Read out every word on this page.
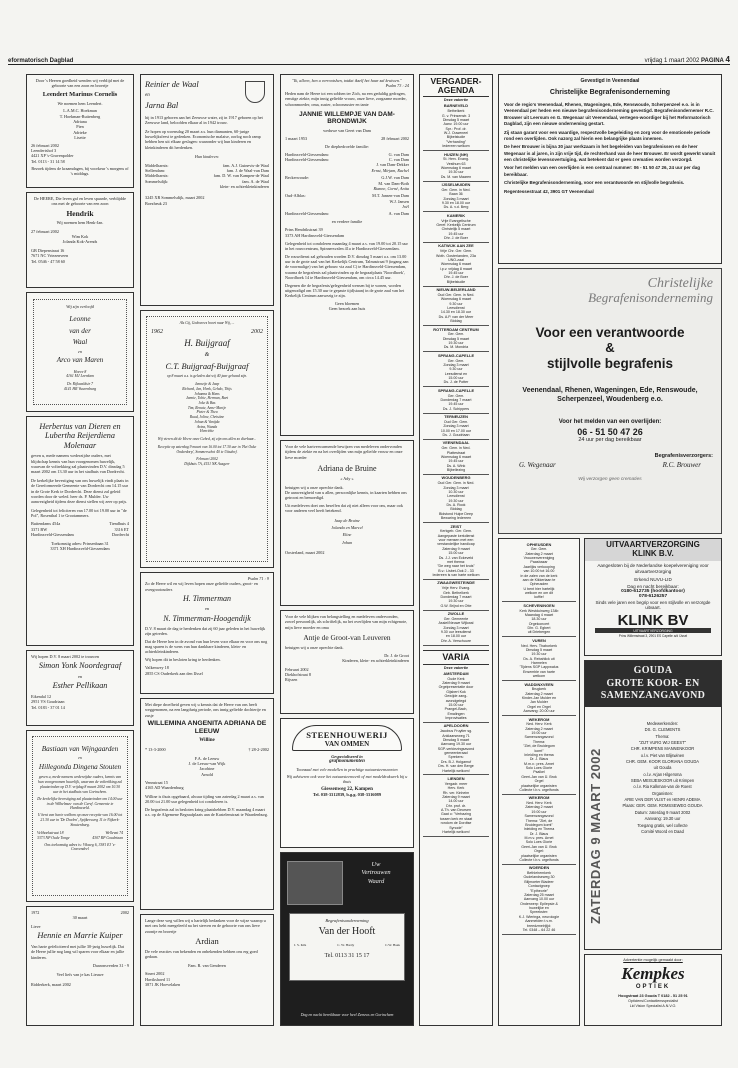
eformatorisch Dagblad	vrijdag 1 maart 2002 PAGINA 4
Door 's Heeren goedheid wenden wij verblijd met de geboorte van een zoon en broertje
Leendert Marinus Cornelis
We noemen hem Leendert.
L.A.M.C. Hoekman
T. Hoekman-Ruttenberg
Adriana
Pien
Adrieke
Lisette
26 februari 2002
Leendertshof 3
4421 XP 's-Gravenpolder
Tel. 0113 - 31 14 58
Bezoek tijdens de kraamdagen, bij voorkeur 's morgens of 's middags.
De HEERE, Die leven gaf en leven spaarde, verblijdde ons met de geboorte van een zoon
Hendrik
Wij noemen hem Henk-Jan.
27 februari 2002
Wim Kok
Jolanda Kok-Arends
GB Diepenstraat 16
7671 NC Vriezenveen
Tel. 0546 - 47 58 60
Wij zijn verloofd
Leonne
van der
Waal
en
Arco van Maren
Hoeve 8
4161 MJ Leerdam
Dr. Rijkwaldstr 7
4141 HR Vuurenburg
Herbertus van Dieren en Lubertha Reijerdiena Molenaar
geven u, mede namens wederzijdse ouders, met blijdschap kennis van hun voorgenomen huwelijk, waarvan de voltrekking zal plaatsvinden D.V. dinsdag 5 maart 2002 om 13.30 uur in het stadhuis van Dordrecht.
De kerkelijke bevestiging van ons huwelijk vindt plaats in de Gereformeerde Gemeente van Dordrecht om 14.15 uur in de Grote Kerk te Dordrecht. Deze dienst zal geleid worden door de weled. heer ds. P. Mulder. Uw aanwezigheid tijdens deze dienst stellen wij zeer op prijs.
Gelegenheid tot feliciteren van 17.00 tot 19.00 uur in "de Pol", Rosenthal 1 te Grootammers.
Buitendams 454a
3371 BW
Hardinxveld-Giessendam
Tiendhuis 4
3316 ET
Dordrecht
Toekomstig adres: Prinsenbaan 31
3371 XH Hardinxveld-Giessendam
Wij hopen D.V. 8 maart 2002 te trouwen
Simon Yonk Noordegraaf
en
Esther Pellikaan
Eikendal 12
2951 VS Goudriaan
Tel. 0183 - 37 01 14
Bastiaan van Wijngaarden
en
Hillegonda Dingena Stouten
geven u, mede namens wederzijdse ouders, kennis van hun voorgenomen huwelijk, waarvan de voltrekking zal plaatsvinden op D.V. vrijdag 8 maart 2002 om 10.30 uur in het stadhuis van Gorinchem.
De kerkelijke bevestiging zal plaatsvinden om 14.00 uur in de Wilhelmus- van de Geref. Gemeente te Hardinxveld.
U bent van harte welkom op onze receptie van 16.00 tot 21.30 uur in 'De Doelen', Spijkersweg 11 te Nijkerk-Stoutenburg.
Velthoekstraat 18
3373 NP Oude Tonge
Wellevat 74
4307 RP Goudriaan
Ons toekomstig adres is: Vikweg 6, 3381 EJ 's-Gravendeel
1972	2002
30 maart
Lieve
Hennie en Marrie Kuiper
Van harte gefeliciteerd met jullie 30-jarig huwelijk. Dat de Heere jullie nog lang wil sparen voor elkaar en jullie kinderen.
Daaronsverden 31 - 9
Veel liefs van je kas Lieuwe
Ridderkerk, maart 2002
Reinier de Waal
en
Jarna Bal
hij in 1913 geboren aan het Zeeuwse water, zij in 1917 geboren op het Zeeuwse land, beloofden elkaar al in 1942 trouw.
Ze hopen op woensdag 20 maart a.s. hun diamanten, 60-jarige huwelijksfeest te gedenken. Economische malaise, oorlog noch ramp hebben hen uit elkaar geslagen: waaronder wij hun kinderen en kleinkinderen dit herdenken.
Hun kinderen:
Middelharnis:	fam. A.J. Guinevis-de Waal
Stellendam:	fam. J. de Waal-van Dam
Middelharnis:	fam. D. W. van Kampen-de Waal
Sommelsdijk:	fam. A. de Waal
klein- en achterkleinkinderen
3245 XR Sommelsdijk, maart 2002
Boezheuk 23
Als Gij, Godsvrees hoort naar Wij, ...
1962	2002
H. Buijgraaf
&
C.T. Buijgraaf-Buijgraaf
op 8 maart a.s. is geleden dat wij 40 jaar gehuwd zijn.
Jannetje & Jaap
Richard, Jan, Henk, Gehdo, Thijs
Johanna & Hans
Jannie, Tobie, Herman, Bart
Joke & Bas
Tim, Renate, Anne-Marije
Pieter & Thea
Ruud, Joline, Christine
Johan & Vanijda
Arina, Wanda
Henriëtte
Wij vieren dit de Heere onze Gebed, zij zijn ons allen zo dierbaar...
Receptie op zaterdag 9 maart van 16.00 tot 17.30 uur in 'Het Ouke Onderdorp', Sommerschot 40 te Uitsdorf.
Februari 2002
Dijkhuis 7A, 4151 NK Ausgeer
Psalm 71 : 9
Zo de Heere wil en wij leven hopen onze geliefde ouders, groot- en overgrootouders
H. Timmerman
en
N. Timmerman-Hoogendijk
D.V. 8 maart de dag te herdenken dat zij 60 jaar geleden in het huwelijk zijn getreden.
Dat de Heere hen in de avond van hun leven voor elkaar en voor ons nog mag sparen is de wens van hun dankbare kinderen, klein- en achterkleinkinderen.
Wij hopen dit in besloten kring te herdenken.
Valkenwey 18
2855 CS Ouderkerk aan den IJssel
Met diepe droefheid geven wij u kennis dat de Heere van ons heeft weggenomen, na een langdurig periode, ons innig geliefde dochtertje en zusje
WILLEMINA ANGENITA ADRIANA DE LEEUW
Willine
* 13-3-2000	† 28-2-2002
F.A. de Leeuw
J. de Leeuw-van Wijk
Jacobine
Arnold
Vennstraat 15
4165 AD Waardenburg
Willine is thuis opgebaard, alwaar tijding van zaterdag 2 maart a.s. van 20.00 tot 21.00 uur gelegenheid tot condoleren is.
De begrafenis zal in besloten kring plaatshebben D.V. maandag 4 maart a.s. op de Algemene Begraafplaats aan de Kastelenstraat te Waardenburg.
Lange deze weg willen wij u hartelijk bedanken voor de wijze waarop u met ons hebt meegeleefd na het sterven en de geboorte van ons lieve zoontje en broertje
Ardian
De vele reacties van bekenden en onbekenden hebben ons erg goed gedaan.
Fam. R. van Genderen
Sinert 2002
Havikshoed 11
3871 JK Hoevelaken
"Ik, alleen, ben u verrootshen, totdat ikzelf het haar zal kruiwen."
Psalm 73 : 24
Heden nam de Heere tot een sobhen ter Zich, na een geduldig gedragen, ernstige ziekte, mijn innig geliefde vrouw, onze lieve, zorgzame moeder, schoonmoeder, oma, zuster, schoonzuster en tante
JANNIE WILLEMPJE VAN DAM-BRONDWIJK
weduwe van Geert van Dam
1 maart 1953	28 februari 2002
De diepbedroefde familie:
Hardinxveld-Giessendam:	G. van Dam
Hardinxveld-Giessendam:	C. van Dam
J. van Dam-Dekker
Ernst, Mirjam, Rachel
Beckerwoude:	G.J.W. van Dam
M. van Dam-Both
Rianne, Corné, Anita
Oud-Alblas:	M.T. Jansen-van Dam
W.J. Jansen
Joël
Hardinxveld-Giessendam:	A. van Dam
en verdere familie
Prins Hendrikstraat 39
3373 AH Hardinxveld-Giessendam
Gelegenheid tot condoleren maandag 4 maart a.s. van 19.00 tot 20.15 uur in het rouwcentrum, Spinnersvalen 41a te Hardinxveld-Giessendam.
De rouwdienst zal gehouden worden D.V. dinsdag 5 maart a.s. om 13.00 uur in de grote zaal van het Kerkelijk Centrum, Talmastraat 9 (ingang aan de voormalige) van het gebouw via zaal C) te Hardinxveld-Giessendam, waarna de begrafenis zal plaatsvinden op de begraafplaats 'Noordhoek', Noordhoek 14 te Hardinxveld-Giessendam, om circa 14.45 uur.
Degenen die de begrafenis/gelegenheid wensen bij te wonen, worden uitgenodigd om 15.30 uur te gepaste tijd(staan) in de grote zaal van het Kerkelijk Centrum aanwezig te zijn.
Geen bloemen
Geen bezoek aan huis
Voor de vele hartverwarmende bewijzen van medeleven ondervonden tijdens de ziekte en na het overlijden van mijn geliefde vrouw en onze lieve moeder
Adriana de Bruine
« Ady »
betuigen wij u onze oprechte dank.
De aanwezigheid van u allen, persoonlijke kennis, in kaarten hebben ons getroost en bemoedigd.
Uit medeleven doet ons beseffen dat zij niet alleen voor ons, maar ook voor anderen veel heeft betekend.
Jaap de Bruine
Jolanda en Marcel
Eline
Johan
Oosterland, maart 2002
Voor de vele blijken van belangstelling en medeleven ondervonden, zowel persoonlijk, als schriftelijk, na het overlijden van mijn echtgenote, mijn lieve moeder en oma
Antje de Groot-van Leuveren
betuigen wij u onze oprechte dank.
Dr. J. de Groot
Kinderen, klein- en achterkleinkinderen
Februari 2002
Diekhofstraat 8
Rijssen
STEENHOUWERIJ
VAN OMMEN
Gespecialiseerd in
grafmonumenten
Toonzaal met vele modellen in prachtige natuursteensoorten
Wij adviseren ook voor het natuursteenwerk of met modeldrukwerk bij u thuis
Giessenweg 22, Kampen
Tel. 038-3312839, b.g.g. 038-3316089
Uw
Vertrouwen
Waard
Begrafenisonderneming
Van der Hooft
J. S. Kils	C. W. Hardy	C.W. Haak
Tel. 0113 31 15 17
Dag en nacht bereikbaar voor heel Zeeuws en Gorinchem
VERGADER-
AGENDA
Deze vakertie
BARNEVELD
Bethelkerk
G. v. Prinsenstr. 3
Dinsdag 5 maart
Aanv. 19.00 uur
Spr.: Prof. dr.
W.J. Ouweneel
Bijbelstudie
"Verharding"
Iedereen welkom
HUIZEN (NH)
St. Herv. Evang.
Vesthum 63
Woensdag 6 maart
19.30 uur
Ds. M. van Maaren
IJSSELMUIDEN
Ger. Gem. in Ned.
Baan 36
Zondag 3 maart
9.30 en 18.00 uur
Ds. A. v.d. Berg
KAMERIK
Vrije Evangelische
Geref. Kerkelijk Centrum
Christelijk 5 maart
19.45 uur
Dhr. J. de Boer
KATWIJK AAN ZEE
Vrije Chr. Ger. Gem.
Woth. Oosterlanden, 23a
UNO-zaal
Woensdag 6 maart
i.p.v. vrijdag 8 maart
19.45 uur
Dhr. J. de Boer
Bijbelstudie
NIEUW-BEIJERLAND
Oud Ger. Gem. in Ned.
Woensdag 6 maart
9.30 uur
Leesdienst
14.30 en 18.30 uur
Ds. A.P. van der Meer
Biddag
ROTTERDAM CENTRUM
Ger. Gem.
Dinsdag 5 maart
19.30 uur
Ds. M. Mondria
SPRANG-CAPELLE
Ger. Gem.
Zondag 3 maart
9.30 uur
Leesdienst en
15.00 uur
Ds. J. de Potter
SPRANG-CAPELLE
Ger. Gem.
Donderdag 7 maart
19.45 uur
Ds. J. Schippers
TERNEUZEN
Oud Ger. Gem.
Zondag 3 maart
10.00 en 17.00 uur
Ds. J. Goudriaan
VEENENDAAL
Ger. Gem. in Ned.
Plattestraat
Woensdag 6 maart
19.45 uur
Ds. A. Wink
Bijbellezing
WOUDENBERG
Oud Ger. Gem. in Ned.
Zondag 3 maart
10.30 uur
Leesdienst
19.30 uur
Ds. A. Rook
Biddag
Bidstond Hulpe Deep
Bewaring Iedereen
ZEIST
Kerkgeb. Ger. Gem.
Aangepaste kerkdienst
voor mensen met een
verstandelijke handicap
Zaterdag 9 maart
15.00 uur
Ds. J.J. van Eckeveld
met thema:
"De weg naar het kruis"
B.v.: Lisbet-Ook 2 - 33
Iedereen is van harte welkom
ZWAAGWESTEINDE
Vrije Herv. Evang.
Geb. Bethelkerk
Donderdag 7 maart
19.30 uur
G.W. Brijnd en Otte
ZWOLLE
Ger. Gemeente
Assiel/Neuwe Wijkwal
Zondag 3 maart
9.30 uur leesdienst
en 18.00 uur
Dhr. A. Verschuure
VARIA
Deze vakertie
AMSTERDAM
Oude Kerk
Zaterdag 9 maart
Orgelpresentatie door
Gijsbert Kok
Gewijde zang-
avondgelegd
15.00 uur
Prangel-Bach,
Emalingen
Improvisaties
APELDOORN
Jacobus Fruytier sg.
Anklaarseweg 71
Dinsdag 5 maart
Aanvang 19.30 uur
SGP-verkiezingsavond
gemeenteraad
Sprekers:
Drs. B.J. Holgamuf
Drs. H. van den Berge
Hartelijk welkom!
LIENDEN
Vergadr. meer
Herv. Kerk
Rh. ver. Kinheim
Zaterdag 9 maart
14.00 uur
Dhr. prof. dr.
A.Th. van Deursen
Gaat o: "Verbazing
tussen kerk en staat
rondom de Dordtse
Synode"
Hartelijk welkom!
Gevestigd in Veenendaal
Christelijke Begrafenisonderneming
Voor de regio's Veenendaal, Rhenen, Wageningen, Ede, Renswoude, Scherpenzeel e.o. is in Veenendaal per heden een nieuwe begrafenisonderneming gevestigd. Begrafenisondernemer R.C. Brouwer uit Leersum en G. Wegenaar uit Veenendaal, vertegen-woordiger bij het Reformatorisch Dagblad, zijn een nieuwe onderneming gestart.
Zij staan garant voor een waardige, respectvolle begeleiding en zorg voor de emotionele periode rond een overlijden. Ook nazorg zal hierin een belangrijke plaats innemen.
De heer Brouwer is bijna 30 jaar werkzaam in het begeleiden van begrafenissen en de heer Wegenaar is al jaren, in zijn vrije tijd, de rechterhand van de heer Brouwer. Er wordt gewerkt vanuit een christelijke levensovertuiging, wat betekent dat er geen crematies worden verzorgd.
Voor het melden van een overlijden is een centraal nummer: 06 - 51 50 47 26, 24 uur per dag bereikbaar.
Christelijke Begrafenisonderneming, voor een verantwoorde en stijlvolle begrafenis.
Regentessestraat 42, 3901 GT Veenendaal
Christelijke
Begrafenisonderneming
Voor een verantwoorde
&
stijlvolle begrafenis
Veenendaal, Rhenen, Wageningen, Ede, Renswoude, Scherpenzeel, Woudenberg e.o.
Voor het melden van een overlijden:
06 - 51 50 47 26
24 uur per dag bereikbaar
Begrafenisverzorgers:
G. Wegenaar	R.C. Brouwer
Wij verzorgen geen crematies
OPHEUSDEN
Ger. Gem.
Zaterdag 2 maart
Vrouwenvereniging
Paasbazar
Jaarlijks verkooping
van 10.00 tot 16.00
in de zalen van de kerk
aan de Kikkerlaan te
Opheusden
U bent hier hartelijk
welkom en om dit
koffie!
SCHEVENINGEN
Kerk Westduinweg 134b
Maandag 4 maart
18.30 uur
Orgelconcert
Dhr. G. Egbert
uit Driebergen
VUREN
Ned. Herv. Thaborkerk
Dinsdag 5 maart
19.30 uur
Ds. A. Rebahlick uit
Harmelen
'Tijdens SGP Lappwalus
Ensemble van harte
welkom
WADDINXVEEN
Brugkerk
Zaterdag 2 maart
Kinder-Jan Mulder en
Jan Mulder
Orgel en Orgel
Aanvang: 20.00 uur
WEKEROM
Ned. Herv. Kerk
Zaterdag 2 maart
19.00 uur
Samenzangavond
Thema:
"Ziet, de Bruidegom
komt"
Inleiding en thema
Dr. J. Blaus
M.m.v.: pres. Arnet
Solo Loes Glorie
Psalkel
Geeri-Jan van Ü. Brok
Orgel
plaatselijke organisten
Collecte t.b.v. orgelfonds
WEKEROM
Ned. Herv. Kerk
Zaterdag 2 maart
19.00 uur
Samenzangavond
Thema: "Ziet, de
Bruidegom komt"
Inleiding en Thema
Dr. J. Blaus
M.m.v. pres. Arnet
Solo Loes Glorie
Geeri-Jan van Ü. Brok
Orgel:
plaatselijke organisten
Collecte t.b.v. orgelfonds
WOERDEN
Bethlehemkerk
Oudelandseweg 30
Blijmoeter Bladeer
Contactgroep
"Eptheorie"
Zaterdag 25 maart
Aanvang 10.00 uur
Onderwerp: Epilepsie &
huwelijke en
Spreekster:
K.J. Wieringa, neurologie
Aanmelden t.v.m.
breedzmelrijijd:
Tel. 0348 – 64 22 46
UITVAARTVERZORGING
KLINK B.V.
Aangesloten bij de Nederlandse koepelvereniging voor uitvaartverzorging
Erkend NUVU-LID
Dag en nacht bereikbaar:
0180-612735 (hoofdkantoor)
078-6126257
Sinds vele jaren een begrip voor een stijlvolle en verzorgde uitvaart.
KLINK BV
UITVAARTVERZORGING
Prins Willemstraat 3, 2901 ES Capelle a/d IJssel
GOUDA
GROTE KOOR- EN
SAMENZANGAVOND
ZATERDAG 9 MAART 2002
Medewerkenden:
DS. G. CLEMENTS
Thema:
"ZIJT VURG WIJ GEEST"
CHR. KRIMPENS MANNENKOOR
o.l.v. Piet van Blijswinen
CHR. GEM. KOOR GLORIANA GOUDA
uit Gouda
o.l.v. Arjan Hilgersma
SEBA MEISJESKOOR uit Krimpen
o.l.v. Ria Kalkman-van de Roest
Organisten:
ARIE VAN DER VLIST en HENRI ADEMA
Plaats: GER. GEM. ROMSSEWEG GOUDA
Datum: zaterdag 9 maart 2002
Aanvang: 19.30 uur
Toegang gratis, wel collecte
Comité Woord en Daad
Advertentie mogelijk gemaakt door:
Kempkes
OPTIEK
Hoogstraat 23 Gouda T 0182 - 51 25 91
Opticiens/Contactlensspecialist
Lid Vision Specialist A.N.V.O.
